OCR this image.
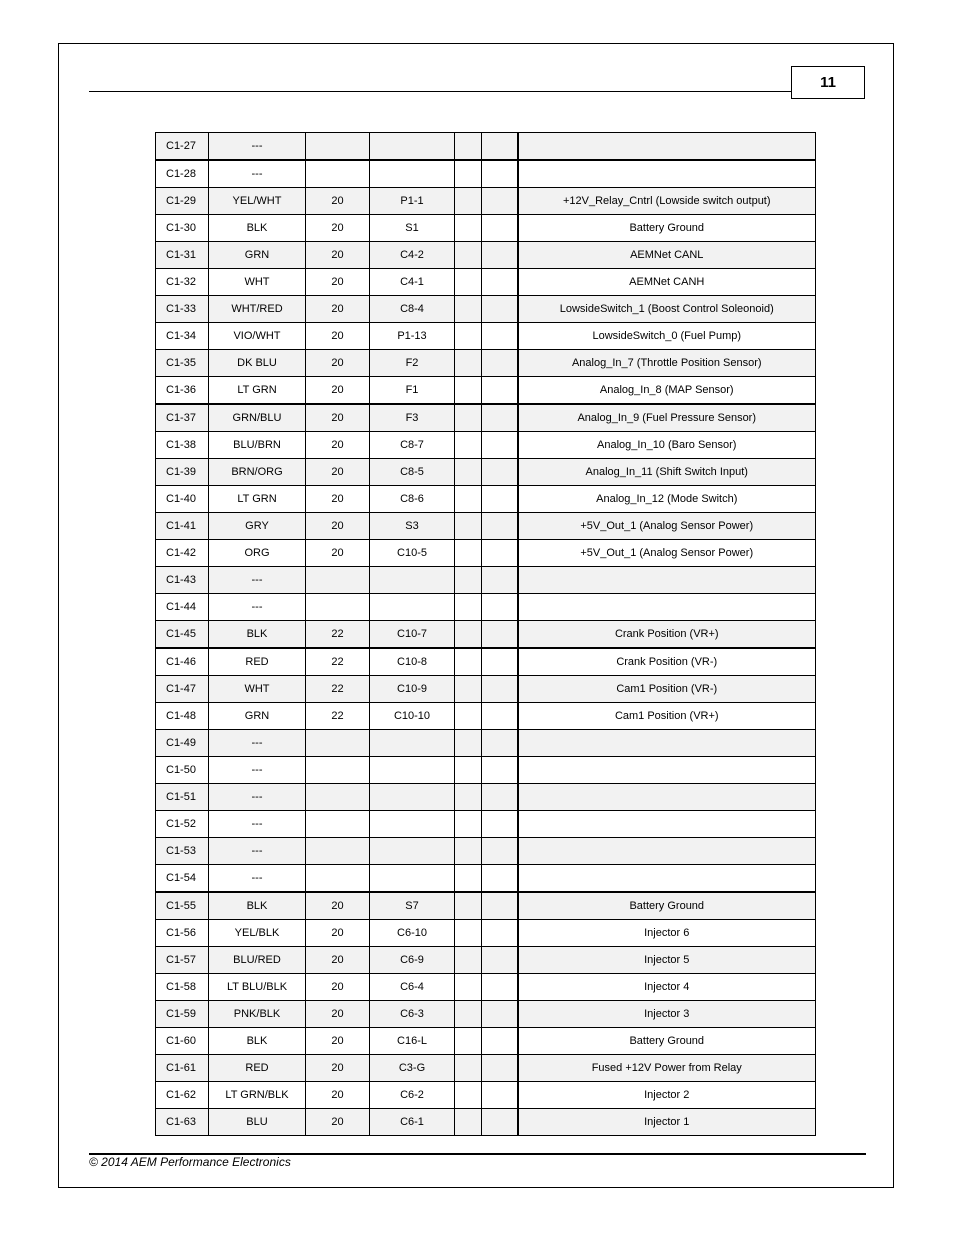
11
C1-27	---					
C1-28	---					
C1-29	YEL/WHT	20	P1-1			+12V_Relay_Cntrl (Lowside switch output)
C1-30	BLK	20	S1			Battery Ground
C1-31	GRN	20	C4-2			AEMNet CANL
C1-32	WHT	20	C4-1			AEMNet CANH
C1-33	WHT/RED	20	C8-4			LowsideSwitch_1 (Boost Control Soleonoid)
C1-34	VIO/WHT	20	P1-13			LowsideSwitch_0 (Fuel Pump)
C1-35	DK BLU	20	F2			Analog_In_7 (Throttle Position Sensor)
C1-36	LT GRN	20	F1			Analog_In_8 (MAP Sensor)
C1-37	GRN/BLU	20	F3			Analog_In_9 (Fuel Pressure Sensor)
C1-38	BLU/BRN	20	C8-7			Analog_In_10 (Baro Sensor)
C1-39	BRN/ORG	20	C8-5			Analog_In_11 (Shift Switch Input)
C1-40	LT GRN	20	C8-6			Analog_In_12 (Mode Switch)
C1-41	GRY	20	S3			+5V_Out_1 (Analog Sensor Power)
C1-42	ORG	20	C10-5			+5V_Out_1 (Analog Sensor Power)
C1-43	---					
C1-44	---					
C1-45	BLK	22	C10-7			Crank Position (VR+)
C1-46	RED	22	C10-8			Crank Position (VR-)
C1-47	WHT	22	C10-9			Cam1 Position (VR-)
C1-48	GRN	22	C10-10			Cam1 Position (VR+)
C1-49	---					
C1-50	---					
C1-51	---					
C1-52	---					
C1-53	---					
C1-54	---					
C1-55	BLK	20	S7			Battery Ground
C1-56	YEL/BLK	20	C6-10			Injector 6
C1-57	BLU/RED	20	C6-9			Injector 5
C1-58	LT BLU/BLK	20	C6-4			Injector 4
C1-59	PNK/BLK	20	C6-3			Injector 3
C1-60	BLK	20	C16-L			Battery Ground
C1-61	RED	20	C3-G			Fused +12V Power from Relay
C1-62	LT GRN/BLK	20	C6-2			Injector 2
C1-63	BLU	20	C6-1			Injector 1
© 2014 AEM Performance Electronics
